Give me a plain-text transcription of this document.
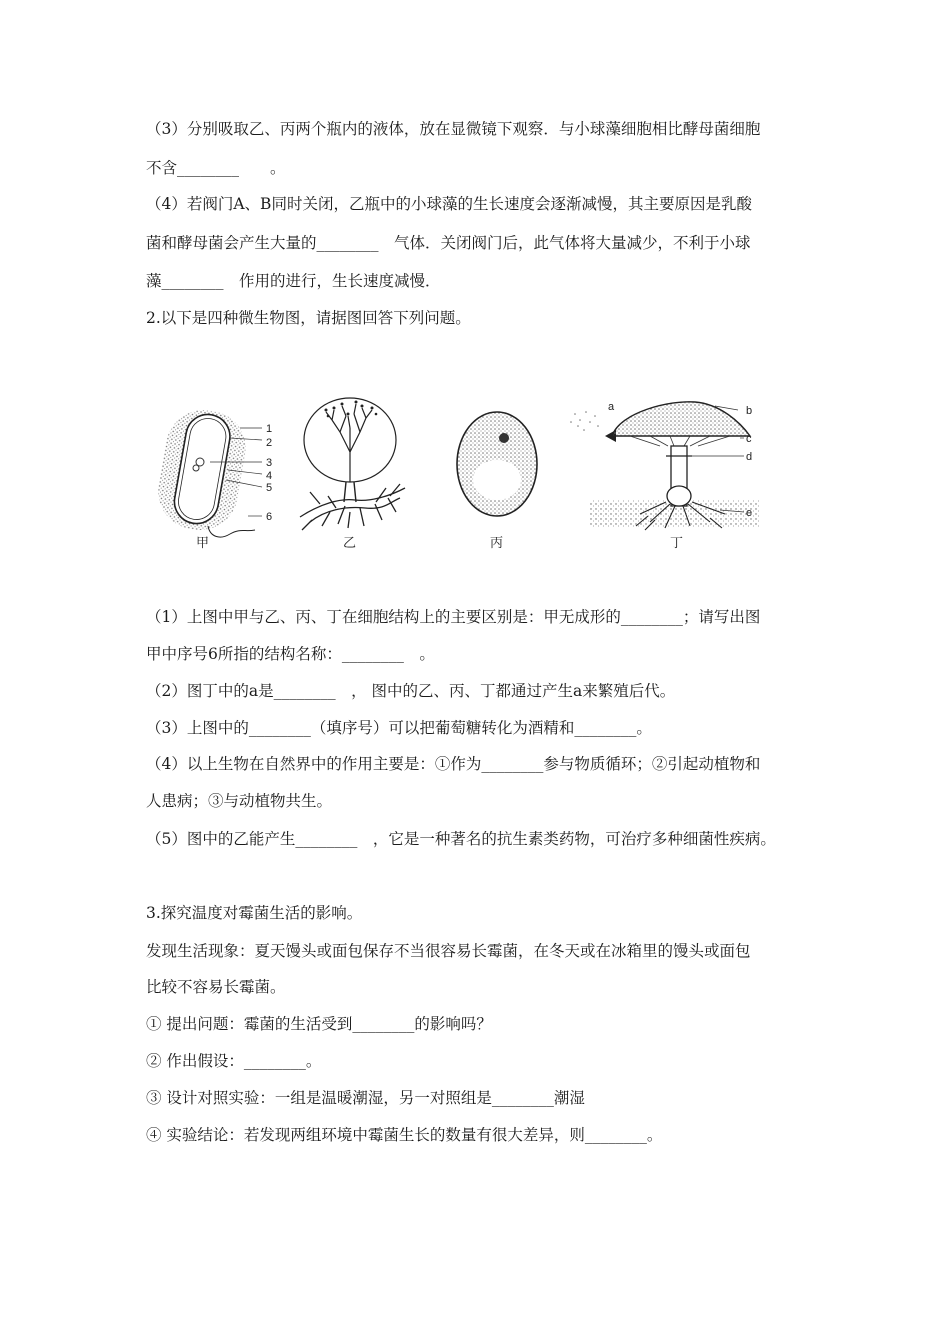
（3）分别吸取乙、丙两个瓶内的液体，放在显微镜下观察．与小球藻细胞相比酵母菌细胞
不含________　　。
（4）若阀门A、B同时关闭，乙瓶中的小球藻的生长速度会逐渐减慢，其主要原因是乳酸
菌和酵母菌会产生大量的________　气体．关闭阀门后，此气体将大量减少，不利于小球
藻________　作用的进行，生长速度减慢．
2.以下是四种微生物图，请据图回答下列问题。
1
2
3
4
5
6
甲	乙	丙
a	b
c
d
e
丁
（1）上图中甲与乙、丙、丁在细胞结构上的主要区别是：甲无成形的________；请写出图
甲中序号6所指的结构名称：________　。
（2）图丁中的a是________　， 图中的乙、丙、丁都通过产生a来繁殖后代。
（3）上图中的________（填序号）可以把葡萄糖转化为酒精和________。
（4）以上生物在自然界中的作用主要是：①作为________参与物质循环；②引起动植物和
人患病；③与动植物共生。
（5）图中的乙能产生________　，它是一种著名的抗生素类药物，可治疗多种细菌性疾病。
3.探究温度对霉菌生活的影响。
发现生活现象：夏天馒头或面包保存不当很容易长霉菌，在冬天或在冰箱里的馒头或面包
比较不容易长霉菌。
① 提出问题：霉菌的生活受到________的影响吗？
② 作出假设：________。
③ 设计对照实验：一组是温暖潮湿，另一对照组是________潮湿
④ 实验结论：若发现两组环境中霉菌生长的数量有很大差异，则________。
